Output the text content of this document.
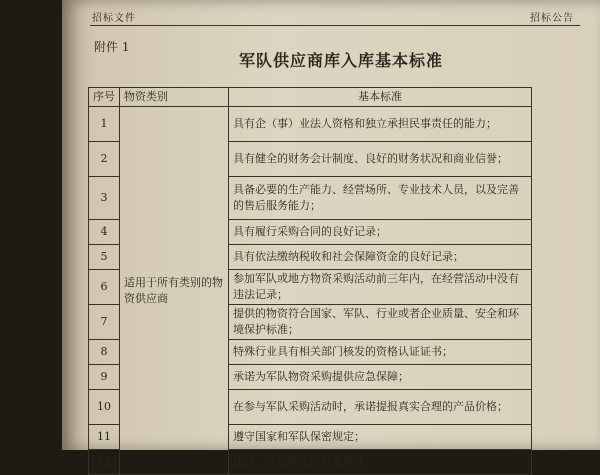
招标文件	招标公告
附件 1
军队供应商库入库基本标准
序号	物资类别	基本标准
1	适用于所有类别的物资供应商	具有企（事）业法人资格和独立承担民事责任的能力；
2		具有健全的财务会计制度、良好的财务状况和商业信誉；
3		具备必要的生产能力、经营场所、专业技术人员，以及完善的售后服务能力；
4		具有履行采购合同的良好记录；
5		具有依法缴纳税收和社会保障资金的良好记录；
6		参加军队或地方物资采购活动前三年内，在经营活动中没有违法记录；
7		提供的物资符合国家、军队、行业或者企业质量、安全和环境保护标准；
8		特殊行业具有相关部门核发的资格认证证书；
9		承诺为军队物资采购提供应急保障；
10		在参与军队采购活动时，承诺提报真实合理的产品价格；
11		遵守国家和军队保密规定；
12		法律、法规规定的其他条件。
